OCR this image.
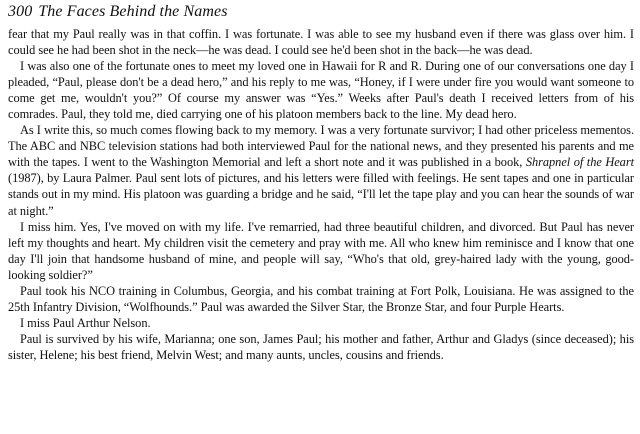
300 The Faces Behind the Names

fear that my Paul really was in that coffin. I was fortunate. I was able to see my husband even if there was glass over him. I could see he had been shot in the neck—he was dead. I could see he'd been shot in the back—he was dead.

I was also one of the fortunate ones to meet my loved one in Hawaii for R and R. During one of our conversations one day I pleaded, “Paul, please don't be a dead hero,” and his reply to me was, “Honey, if I were under fire you would want someone to come get me, wouldn't you?” Of course my answer was “Yes.” Weeks after Paul's death I received letters from of his comrades. Paul, they told me, died carrying one of his platoon members back to the line. My dead hero.

As I write this, so much comes flowing back to my memory. I was a very fortunate survivor; I had other priceless mementos. The ABC and NBC television stations had both interviewed Paul for the national news, and they presented his parents and me with the tapes. I went to the Washington Memorial and left a short note and it was published in a book, Shrapnel of the Heart (1987), by Laura Palmer. Paul sent lots of pictures, and his letters were filled with feelings. He sent tapes and one in particular stands out in my mind. His platoon was guarding a bridge and he said, “I'll let the tape play and you can hear the sounds of war at night.”

I miss him. Yes, I've moved on with my life. I've remarried, had three beautiful children, and divorced. But Paul has never left my thoughts and heart. My children visit the cemetery and pray with me. All who knew him reminisce and I know that one day I'll join that handsome husband of mine, and people will say, “Who's that old, grey-haired lady with the young, good-looking soldier?”

Paul took his NCO training in Columbus, Georgia, and his combat training at Fort Polk, Louisiana. He was assigned to the 25th Infantry Division, “Wolfhounds.” Paul was awarded the Silver Star, the Bronze Star, and four Purple Hearts.

I miss Paul Arthur Nelson.

Paul is survived by his wife, Marianna; one son, James Paul; his mother and father, Arthur and Gladys (since deceased); his sister, Helene; his best friend, Melvin West; and many aunts, uncles, cousins and friends.
